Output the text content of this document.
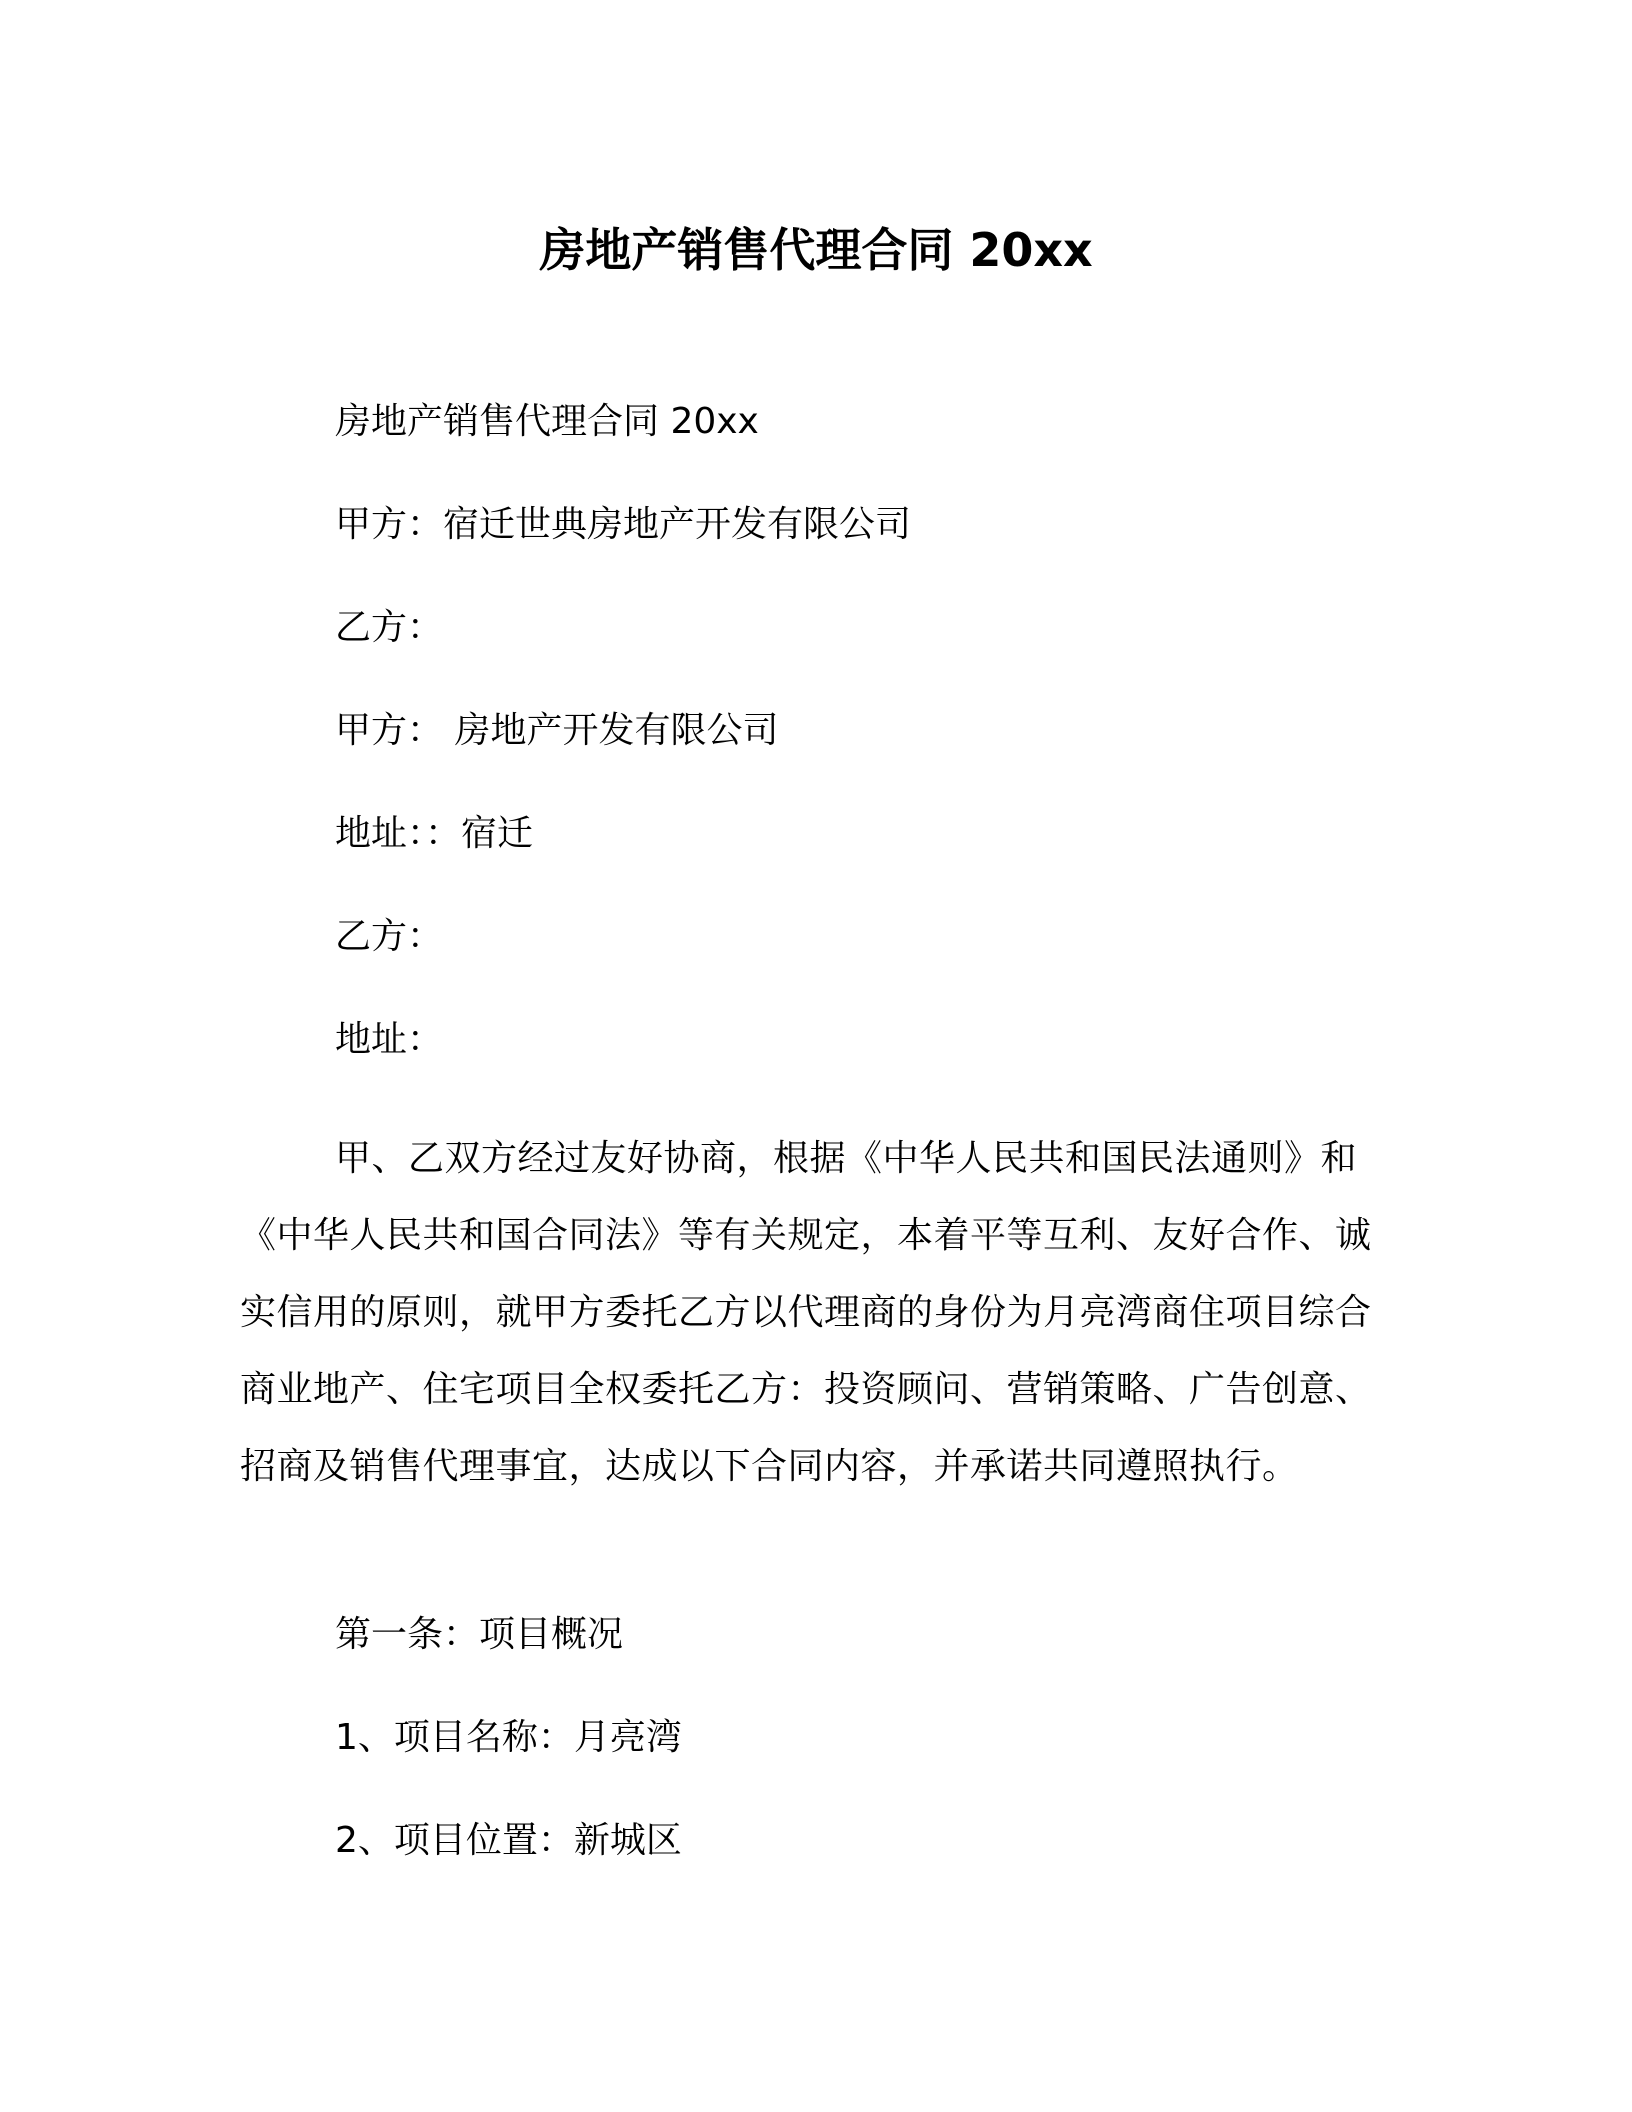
房地产销售代理合同 20xx

房地产销售代理合同 20xx

甲方：宿迁世典房地产开发有限公司

乙方：

甲方： 房地产开发有限公司

地址：：宿迁

乙方：

地址：

甲、乙双方经过友好协商，根据《中华人民共和国民法通则》和《中华人民共和国合同法》等有关规定，本着平等互利、友好合作、诚实信用的原则，就甲方委托乙方以代理商的身份为月亮湾商住项目综合商业地产、住宅项目全权委托乙方：投资顾问、营销策略、广告创意、招商及销售代理事宜，达成以下合同内容，并承诺共同遵照执行。

第一条：项目概况

1、项目名称：月亮湾

2、项目位置：新城区
